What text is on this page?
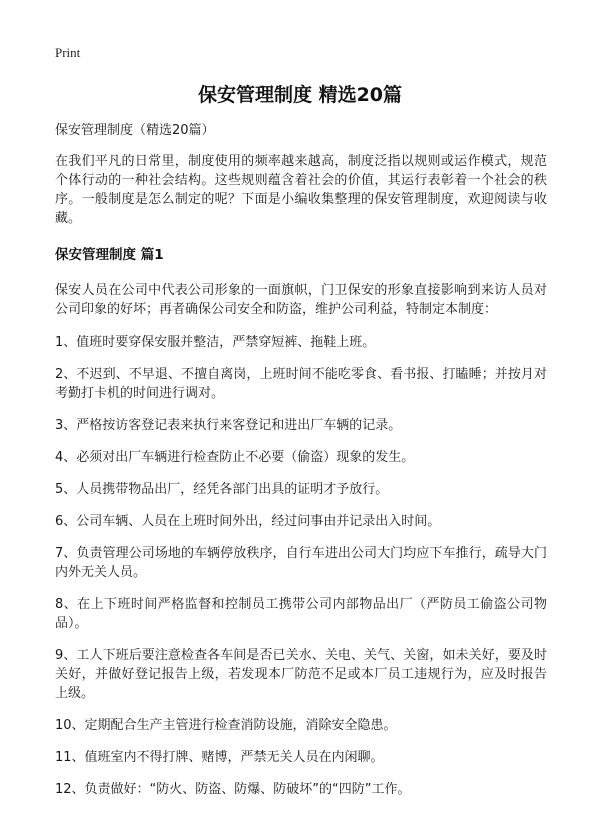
Print
保安管理制度 精选20篇

保安管理制度（精选20篇）

在我们平凡的日常里，制度使用的频率越来越高，制度泛指以规则或运作模式，规范个体行动的一种社会结构。这些规则蕴含着社会的价值，其运行表彰着一个社会的秩序。一般制度是怎么制定的呢？下面是小编收集整理的保安管理制度，欢迎阅读与收藏。

保安管理制度 篇1

保安人员在公司中代表公司形象的一面旗帜，门卫保安的形象直接影响到来访人员对公司印象的好坏；再者确保公司安全和防盗，维护公司利益，特制定本制度：

1、值班时要穿保安服并整洁，严禁穿短裤、拖鞋上班。

2、不迟到、不早退、不擅自离岗，上班时间不能吃零食、看书报、打瞌睡；并按月对考勤打卡机的时间进行调对。

3、严格按访客登记表来执行来客登记和进出厂车辆的记录。

4、必须对出厂车辆进行检查防止不必要（偷盗）现象的发生。

5、人员携带物品出厂，经凭各部门出具的证明才予放行。

6、公司车辆、人员在上班时间外出，经过问事由并记录出入时间。

7、负责管理公司场地的车辆停放秩序，自行车进出公司大门均应下车推行，疏导大门内外无关人员。

8、在上下班时间严格监督和控制员工携带公司内部物品出厂（严防员工偷盗公司物品）。

9、工人下班后要注意检查各车间是否已关水、关电、关气、关窗，如未关好，要及时关好，并做好登记报告上级，若发现本厂防范不足或本厂员工违规行为，应及时报告上级。

10、定期配合生产主管进行检查消防设施，消除安全隐患。

11、值班室内不得打牌、赌博，严禁无关人员在内闲聊。

12、负责做好：“防火、防盗、防爆、防破坏”的“四防”工作。
